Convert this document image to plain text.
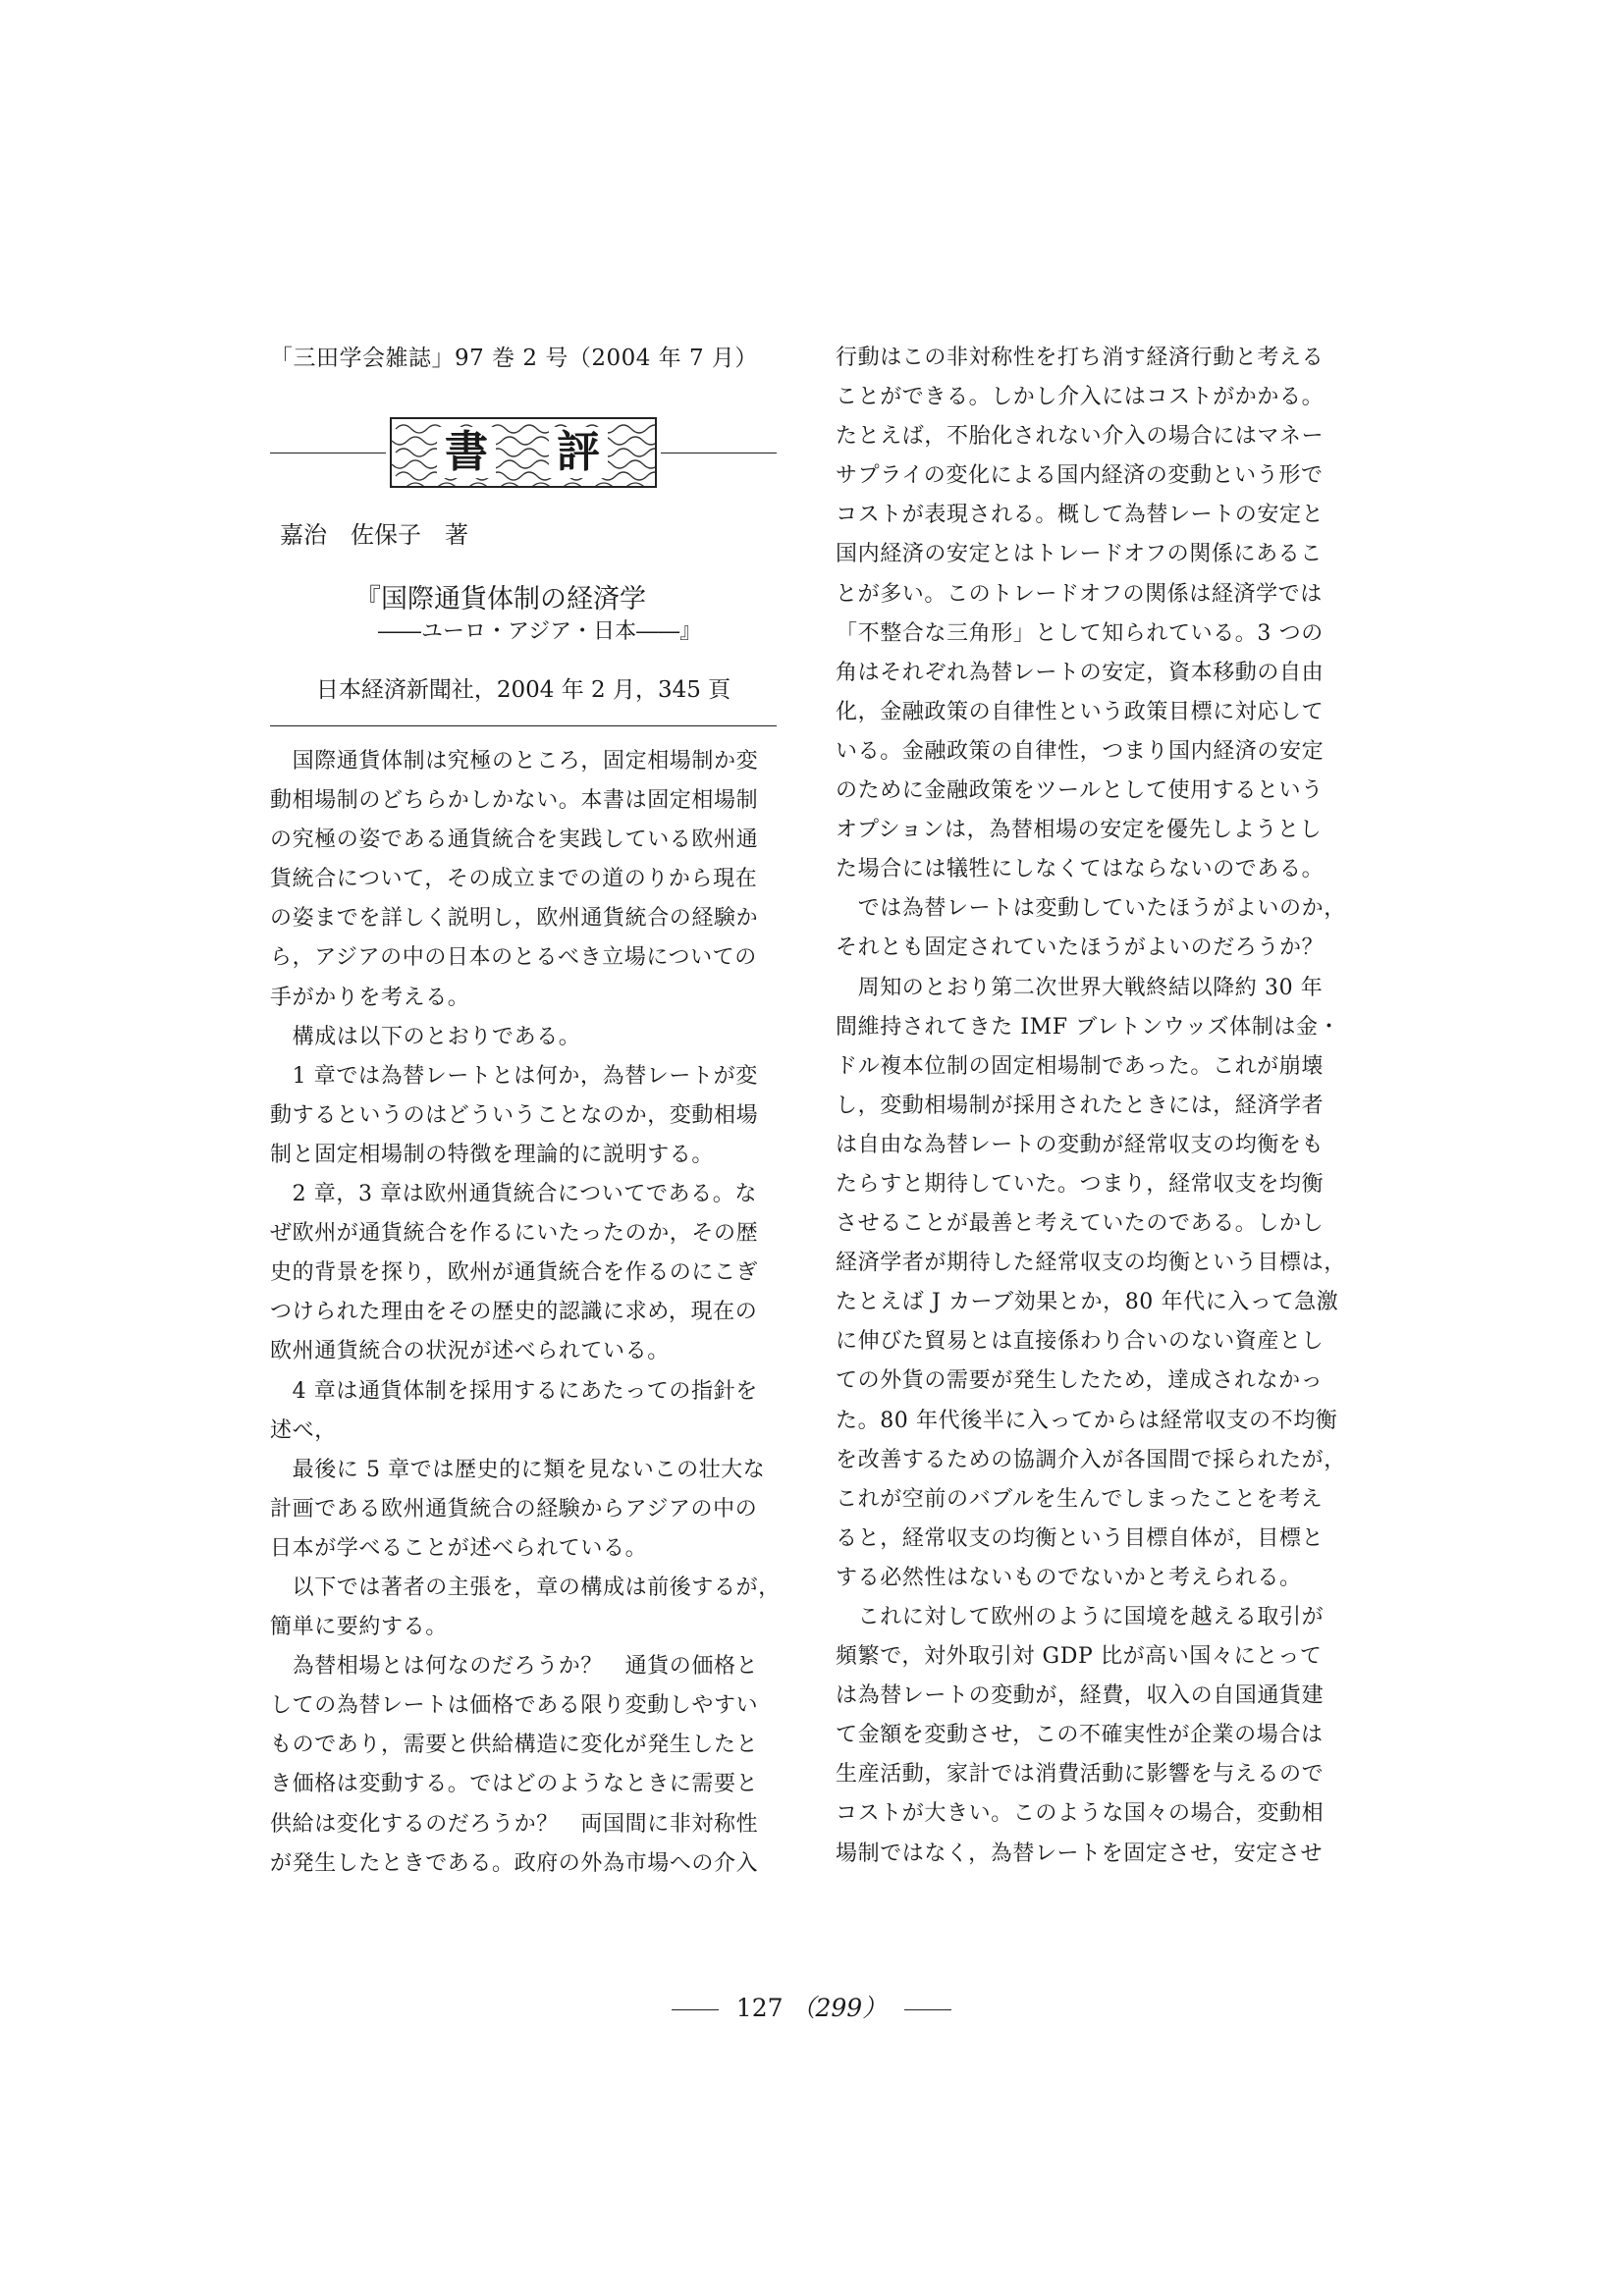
「三田学会雑誌」97 巻 2 号（2004 年 7 月）
書 評
嘉治　佐保子　著
『国際通貨体制の経済学
――ユーロ・アジア・日本――』
日本経済新聞社，2004 年 2 月，345 頁
　国際通貨体制は究極のところ，固定相場制か変
動相場制のどちらかしかない。本書は固定相場制
の究極の姿である通貨統合を実践している欧州通
貨統合について，その成立までの道のりから現在
の姿までを詳しく説明し，欧州通貨統合の経験か
ら，アジアの中の日本のとるべき立場についての
手がかりを考える。
　構成は以下のとおりである。
　1 章では為替レートとは何か，為替レートが変
動するというのはどういうことなのか，変動相場
制と固定相場制の特徴を理論的に説明する。
　2 章，3 章は欧州通貨統合についてである。な
ぜ欧州が通貨統合を作るにいたったのか，その歴
史的背景を探り，欧州が通貨統合を作るのにこぎ
つけられた理由をその歴史的認識に求め，現在の
欧州通貨統合の状況が述べられている。
　4 章は通貨体制を採用するにあたっての指針を
述べ，
　最後に 5 章では歴史的に類を見ないこの壮大な
計画である欧州通貨統合の経験からアジアの中の
日本が学べることが述べられている。
　以下では著者の主張を，章の構成は前後するが，
簡単に要約する。
　為替相場とは何なのだろうか？　通貨の価格と
しての為替レートは価格である限り変動しやすい
ものであり，需要と供給構造に変化が発生したと
き価格は変動する。ではどのようなときに需要と
供給は変化するのだろうか？　両国間に非対称性
が発生したときである。政府の外為市場への介入
行動はこの非対称性を打ち消す経済行動と考える
ことができる。しかし介入にはコストがかかる。
たとえば，不胎化されない介入の場合にはマネー
サプライの変化による国内経済の変動という形で
コストが表現される。概して為替レートの安定と
国内経済の安定とはトレードオフの関係にあるこ
とが多い。このトレードオフの関係は経済学では
「不整合な三角形」として知られている。3 つの
角はそれぞれ為替レートの安定，資本移動の自由
化，金融政策の自律性という政策目標に対応して
いる。金融政策の自律性，つまり国内経済の安定
のために金融政策をツールとして使用するという
オプションは，為替相場の安定を優先しようとし
た場合には犠牲にしなくてはならないのである。
　では為替レートは変動していたほうがよいのか，
それとも固定されていたほうがよいのだろうか？
　周知のとおり第二次世界大戦終結以降約 30 年
間維持されてきた IMF ブレトンウッズ体制は金・
ドル複本位制の固定相場制であった。これが崩壊
し，変動相場制が採用されたときには，経済学者
は自由な為替レートの変動が経常収支の均衡をも
たらすと期待していた。つまり，経常収支を均衡
させることが最善と考えていたのである。しかし
経済学者が期待した経常収支の均衡という目標は，
たとえば J カーブ効果とか，80 年代に入って急激
に伸びた貿易とは直接係わり合いのない資産とし
ての外貨の需要が発生したため，達成されなかっ
た。80 年代後半に入ってからは経常収支の不均衡
を改善するための協調介入が各国間で採られたが，
これが空前のバブルを生んでしまったことを考え
ると，経常収支の均衡という目標自体が，目標と
する必然性はないものでないかと考えられる。
　これに対して欧州のように国境を越える取引が
頻繁で，対外取引対 GDP 比が高い国々にとって
は為替レートの変動が，経費，収入の自国通貨建
て金額を変動させ，この不確実性が企業の場合は
生産活動，家計では消費活動に影響を与えるので
コストが大きい。このような国々の場合，変動相
場制ではなく，為替レートを固定させ，安定させ
127 （299）
